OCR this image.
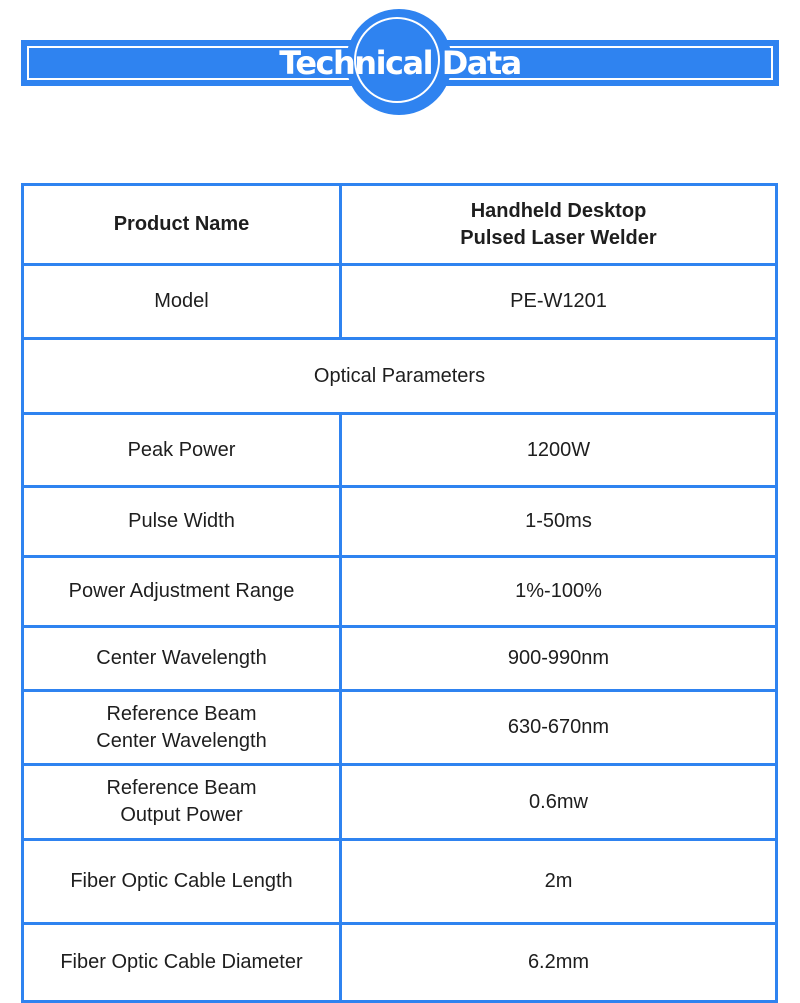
Technical Data
Product Name	Handheld Desktop
Pulsed Laser Welder

Model	PE-W1201
Optical Parameters	

Peak Power	1200W

Pulse Width	1-50ms

Power Adjustment Range	1%-100%

Center Wavelength	900-990nm

Reference Beam
Center Wavelength	630-670nm

Reference Beam
Output Power	0.6mw

Fiber Optic Cable Length	2m

Fiber Optic Cable Diameter	6.2mm
